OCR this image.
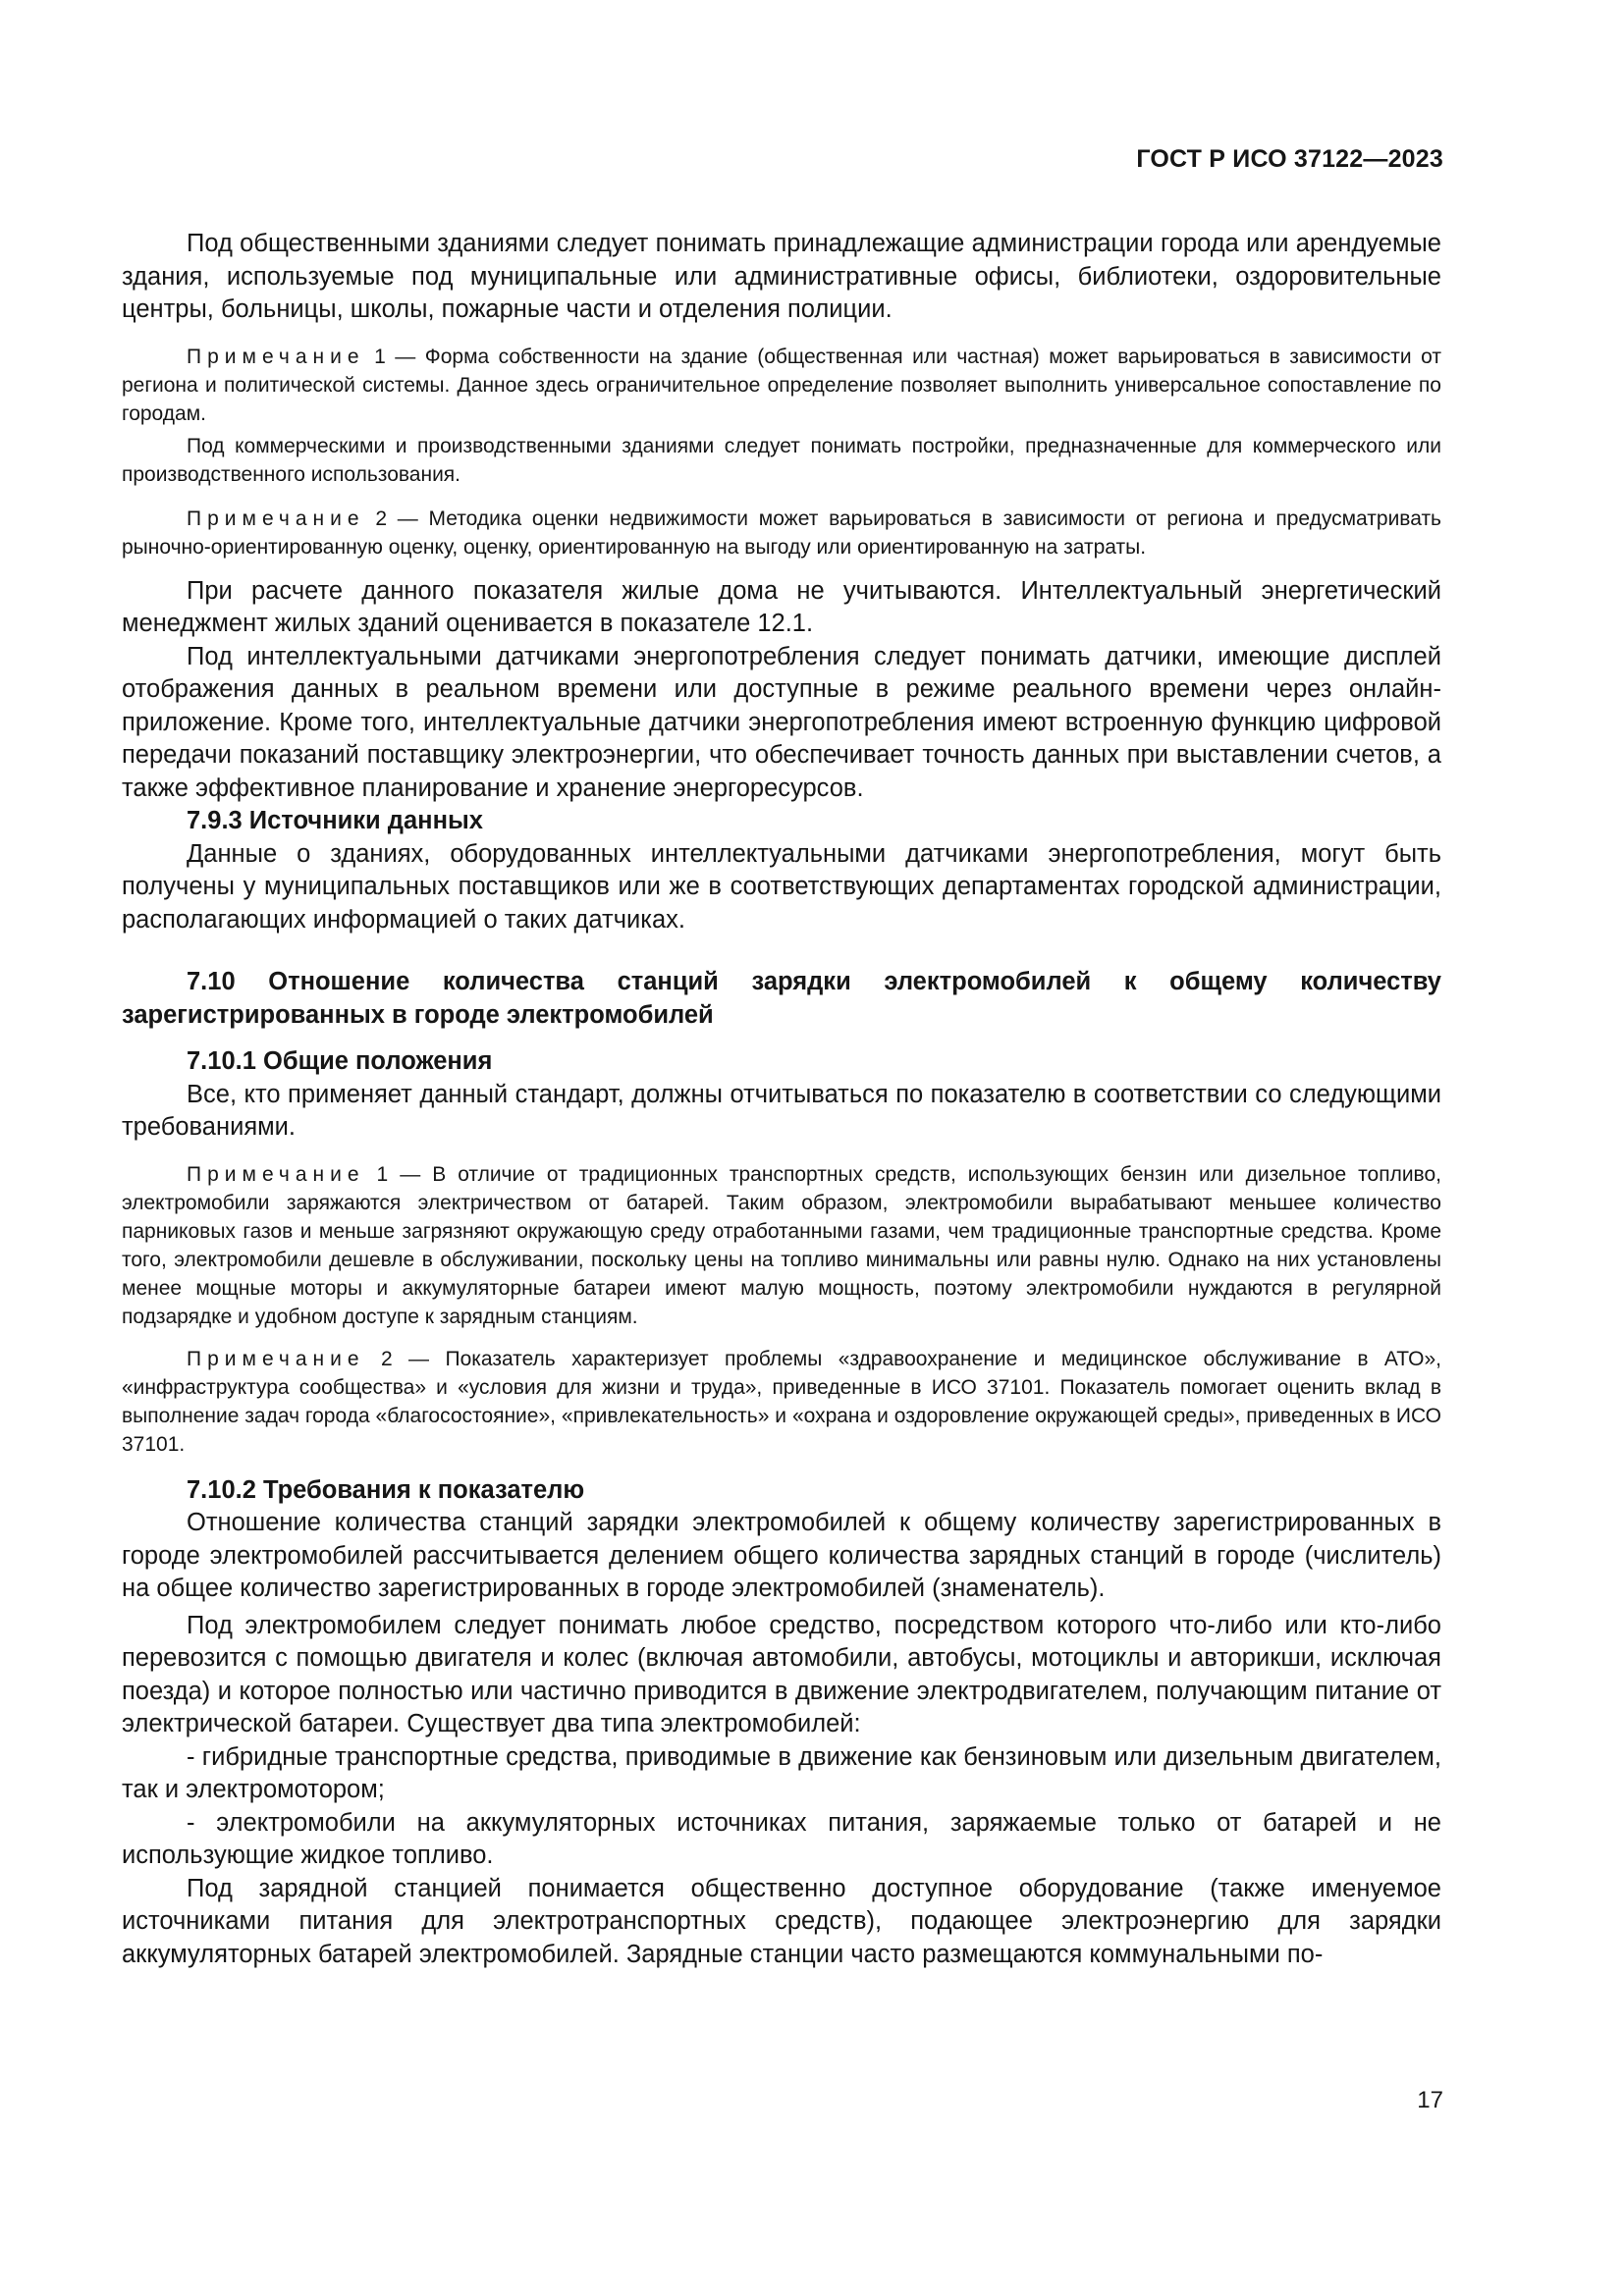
ГОСТ Р ИСО 37122—2023

Под общественными зданиями следует понимать принадлежащие администрации города или арендуемые здания, используемые под муниципальные или административные офисы, библиотеки, оздоровительные центры, больницы, школы, пожарные части и отделения полиции.

Примечание 1 — Форма собственности на здание (общественная или частная) может варьироваться в зависимости от региона и политической системы. Данное здесь ограничительное определение позволяет выполнить универсальное сопоставление по городам.

Под коммерческими и производственными зданиями следует понимать постройки, предназначенные для коммерческого или производственного использования.

Примечание 2 — Методика оценки недвижимости может варьироваться в зависимости от региона и предусматривать рыночно-ориентированную оценку, оценку, ориентированную на выгоду или ориентированную на затраты.

При расчете данного показателя жилые дома не учитываются. Интеллектуальный энергетический менеджмент жилых зданий оценивается в показателе 12.1.

Под интеллектуальными датчиками энергопотребления следует понимать датчики, имеющие дисплей отображения данных в реальном времени или доступные в режиме реального времени через онлайн-приложение. Кроме того, интеллектуальные датчики энергопотребления имеют встроенную функцию цифровой передачи показаний поставщику электроэнергии, что обеспечивает точность данных при выставлении счетов, а также эффективное планирование и хранение энергоресурсов.

7.9.3 Источники данных

Данные о зданиях, оборудованных интеллектуальными датчиками энергопотребления, могут быть получены у муниципальных поставщиков или же в соответствующих департаментах городской администрации, располагающих информацией о таких датчиках.

7.10 Отношение количества станций зарядки электромобилей к общему количеству зарегистрированных в городе электромобилей

7.10.1 Общие положения

Все, кто применяет данный стандарт, должны отчитываться по показателю в соответствии со следующими требованиями.

Примечание 1 — В отличие от традиционных транспортных средств, использующих бензин или дизельное топливо, электромобили заряжаются электричеством от батарей. Таким образом, электромобили вырабатывают меньшее количество парниковых газов и меньше загрязняют окружающую среду отработанными газами, чем традиционные транспортные средства. Кроме того, электромобили дешевле в обслуживании, поскольку цены на топливо минимальны или равны нулю. Однако на них установлены менее мощные моторы и аккумуляторные батареи имеют малую мощность, поэтому электромобили нуждаются в регулярной подзарядке и удобном доступе к зарядным станциям.

Примечание 2 — Показатель характеризует проблемы «здравоохранение и медицинское обслуживание в АТО», «инфраструктура сообщества» и «условия для жизни и труда», приведенные в ИСО 37101. Показатель помогает оценить вклад в выполнение задач города «благосостояние», «привлекательность» и «охрана и оздоровление окружающей среды», приведенных в ИСО 37101.

7.10.2 Требования к показателю

Отношение количества станций зарядки электромобилей к общему количеству зарегистрированных в городе электромобилей рассчитывается делением общего количества зарядных станций в городе (числитель) на общее количество зарегистрированных в городе электромобилей (знаменатель).

Под электромобилем следует понимать любое средство, посредством которого что-либо или кто-либо перевозится с помощью двигателя и колес (включая автомобили, автобусы, мотоциклы и авторикши, исключая поезда) и которое полностью или частично приводится в движение электродвигателем, получающим питание от электрической батареи. Существует два типа электромобилей:

- гибридные транспортные средства, приводимые в движение как бензиновым или дизельным двигателем, так и электромотором;

- электромобили на аккумуляторных источниках питания, заряжаемые только от батарей и не использующие жидкое топливо.

Под зарядной станцией понимается общественно доступное оборудование (также именуемое источниками питания для электротранспортных средств), подающее электроэнергию для зарядки аккумуляторных батарей электромобилей. Зарядные станции часто размещаются коммунальными по-

17
